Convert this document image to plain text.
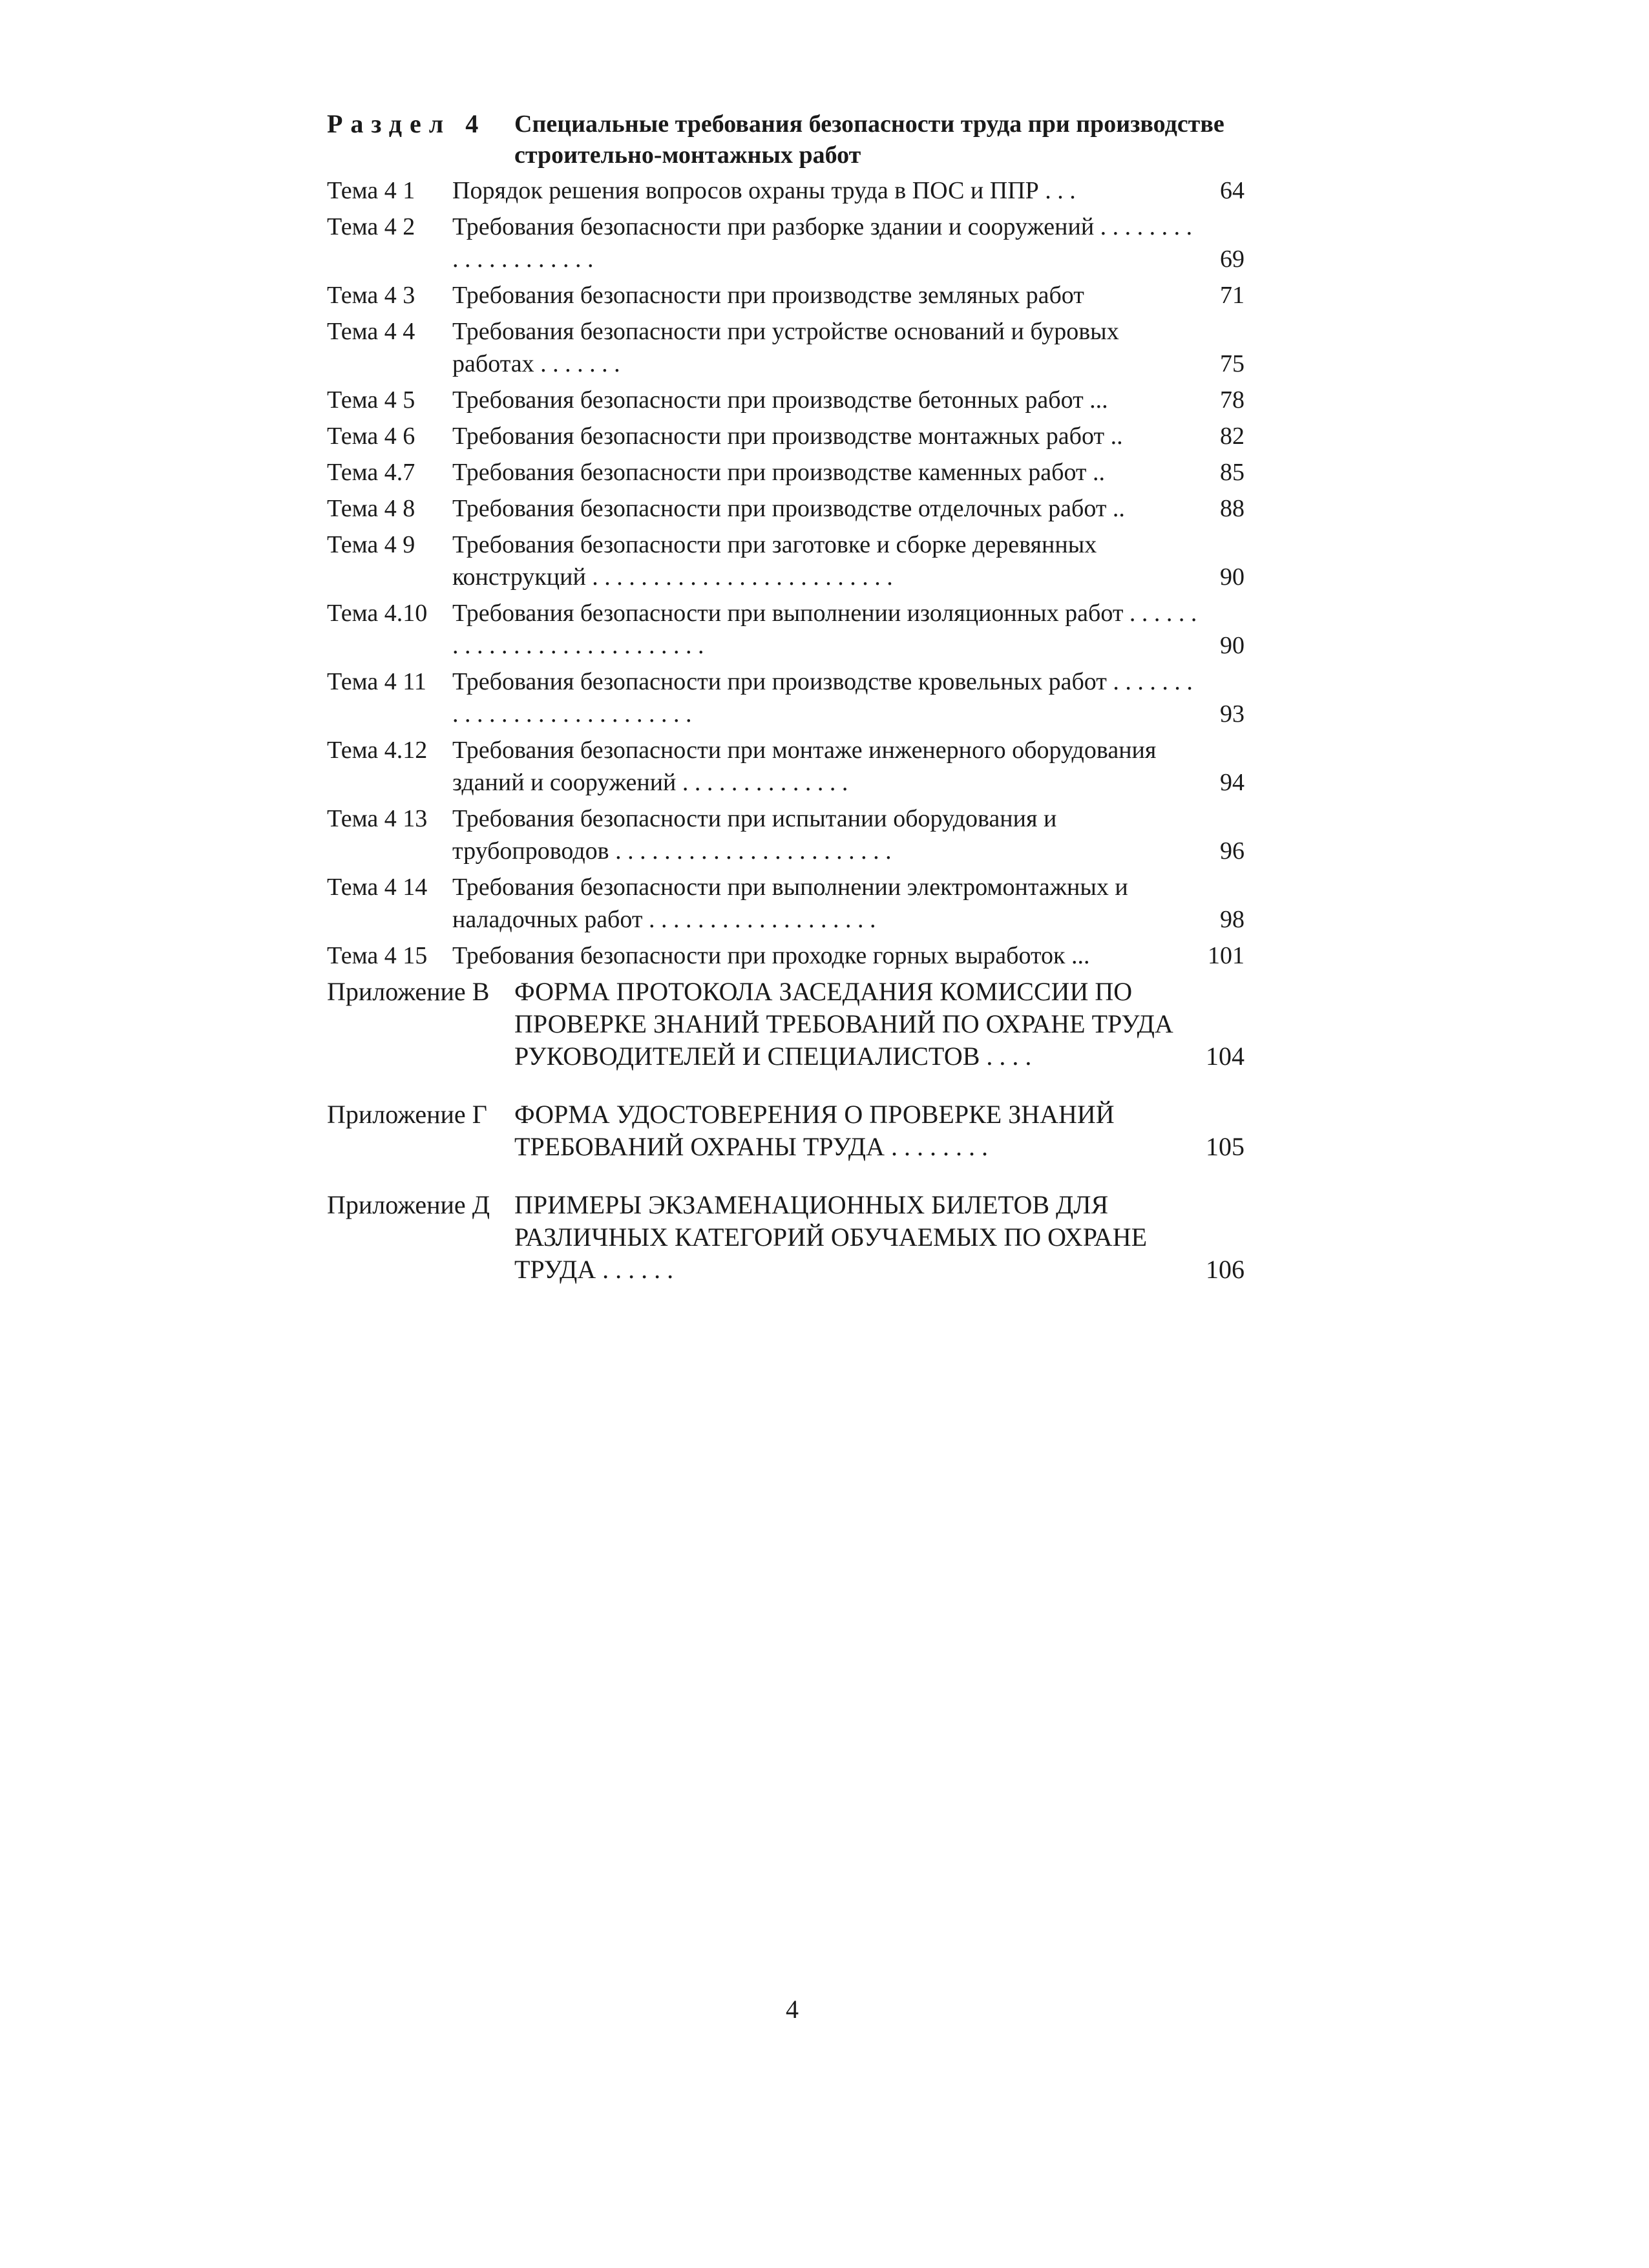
Раздел 4	Специальные требования безопасности труда при производстве строительно-монтажных работ
Тема 4 1	Порядок решения вопросов охраны труда в ПОС и ППР . . .	64
Тема 4 2	Требования безопасности при разборке здании и сооружений . . . . . . . . . . . . . . . . . . . .	69
Тема 4 3	Требования безопасности при производстве земляных работ	71
Тема 4 4	Требования безопасности при устройстве оснований и буровых работах . . . . . . .	75
Тема 4 5	Требования безопасности при производстве бетонных работ ...	78
Тема 4 6	Требования безопасности при производстве монтажных работ ..	82
Тема 4.7	Требования безопасности при производстве каменных работ ..	85
Тема 4 8	Требования безопасности при производстве отделочных работ ..	88
Тема 4 9	Требования безопасности при заготовке и сборке деревянных конструкций . . . . . . . . . . . . . . . . . . . . . . . . .	90
Тема 4.10	Требования безопасности при выполнении изоляционных работ . . . . . . . . . . . . . . . . . . . . . . . . . . .	90
Тема 4 11	Требования безопасности при производстве кровельных работ . . . . . . . . . . . . . . . . . . . . . . . . . . .	93
Тема 4.12	Требования безопасности при монтаже инженерного оборудования зданий и сооружений . . . . . . . . . . . . . .	94
Тема 4 13	Требования безопасности при испытании оборудования и трубопроводов . . . . . . . . . . . . . . . . . . . . . . .	96
Тема 4 14	Требования безопасности при выполнении электромонтажных и наладочных работ . . . . . . . . . . . . . . . . . . .	98
Тема 4 15	Требования безопасности при проходке горных выработок ...	101
Приложение В ФОРМА ПРОТОКОЛА ЗАСЕДАНИЯ КОМИССИИ ПО ПРОВЕРКЕ ЗНАНИЙ ТРЕБОВАНИЙ ПО ОХРАНЕ ТРУДА РУКОВОДИТЕЛЕЙ И СПЕЦИАЛИСТОВ . . . .	104
Приложение Г	ФОРМА УДОСТОВЕРЕНИЯ О ПРОВЕРКЕ ЗНАНИЙ ТРЕБОВАНИЙ ОХРАНЫ ТРУДА . . . . . . . .	105
Приложение Д ПРИМЕРЫ ЭКЗАМЕНАЦИОННЫХ БИЛЕТОВ ДЛЯ РАЗЛИЧНЫХ КАТЕГОРИЙ ОБУЧАЕМЫХ ПО ОХРАНЕ ТРУДА . . . . . .	106
4
